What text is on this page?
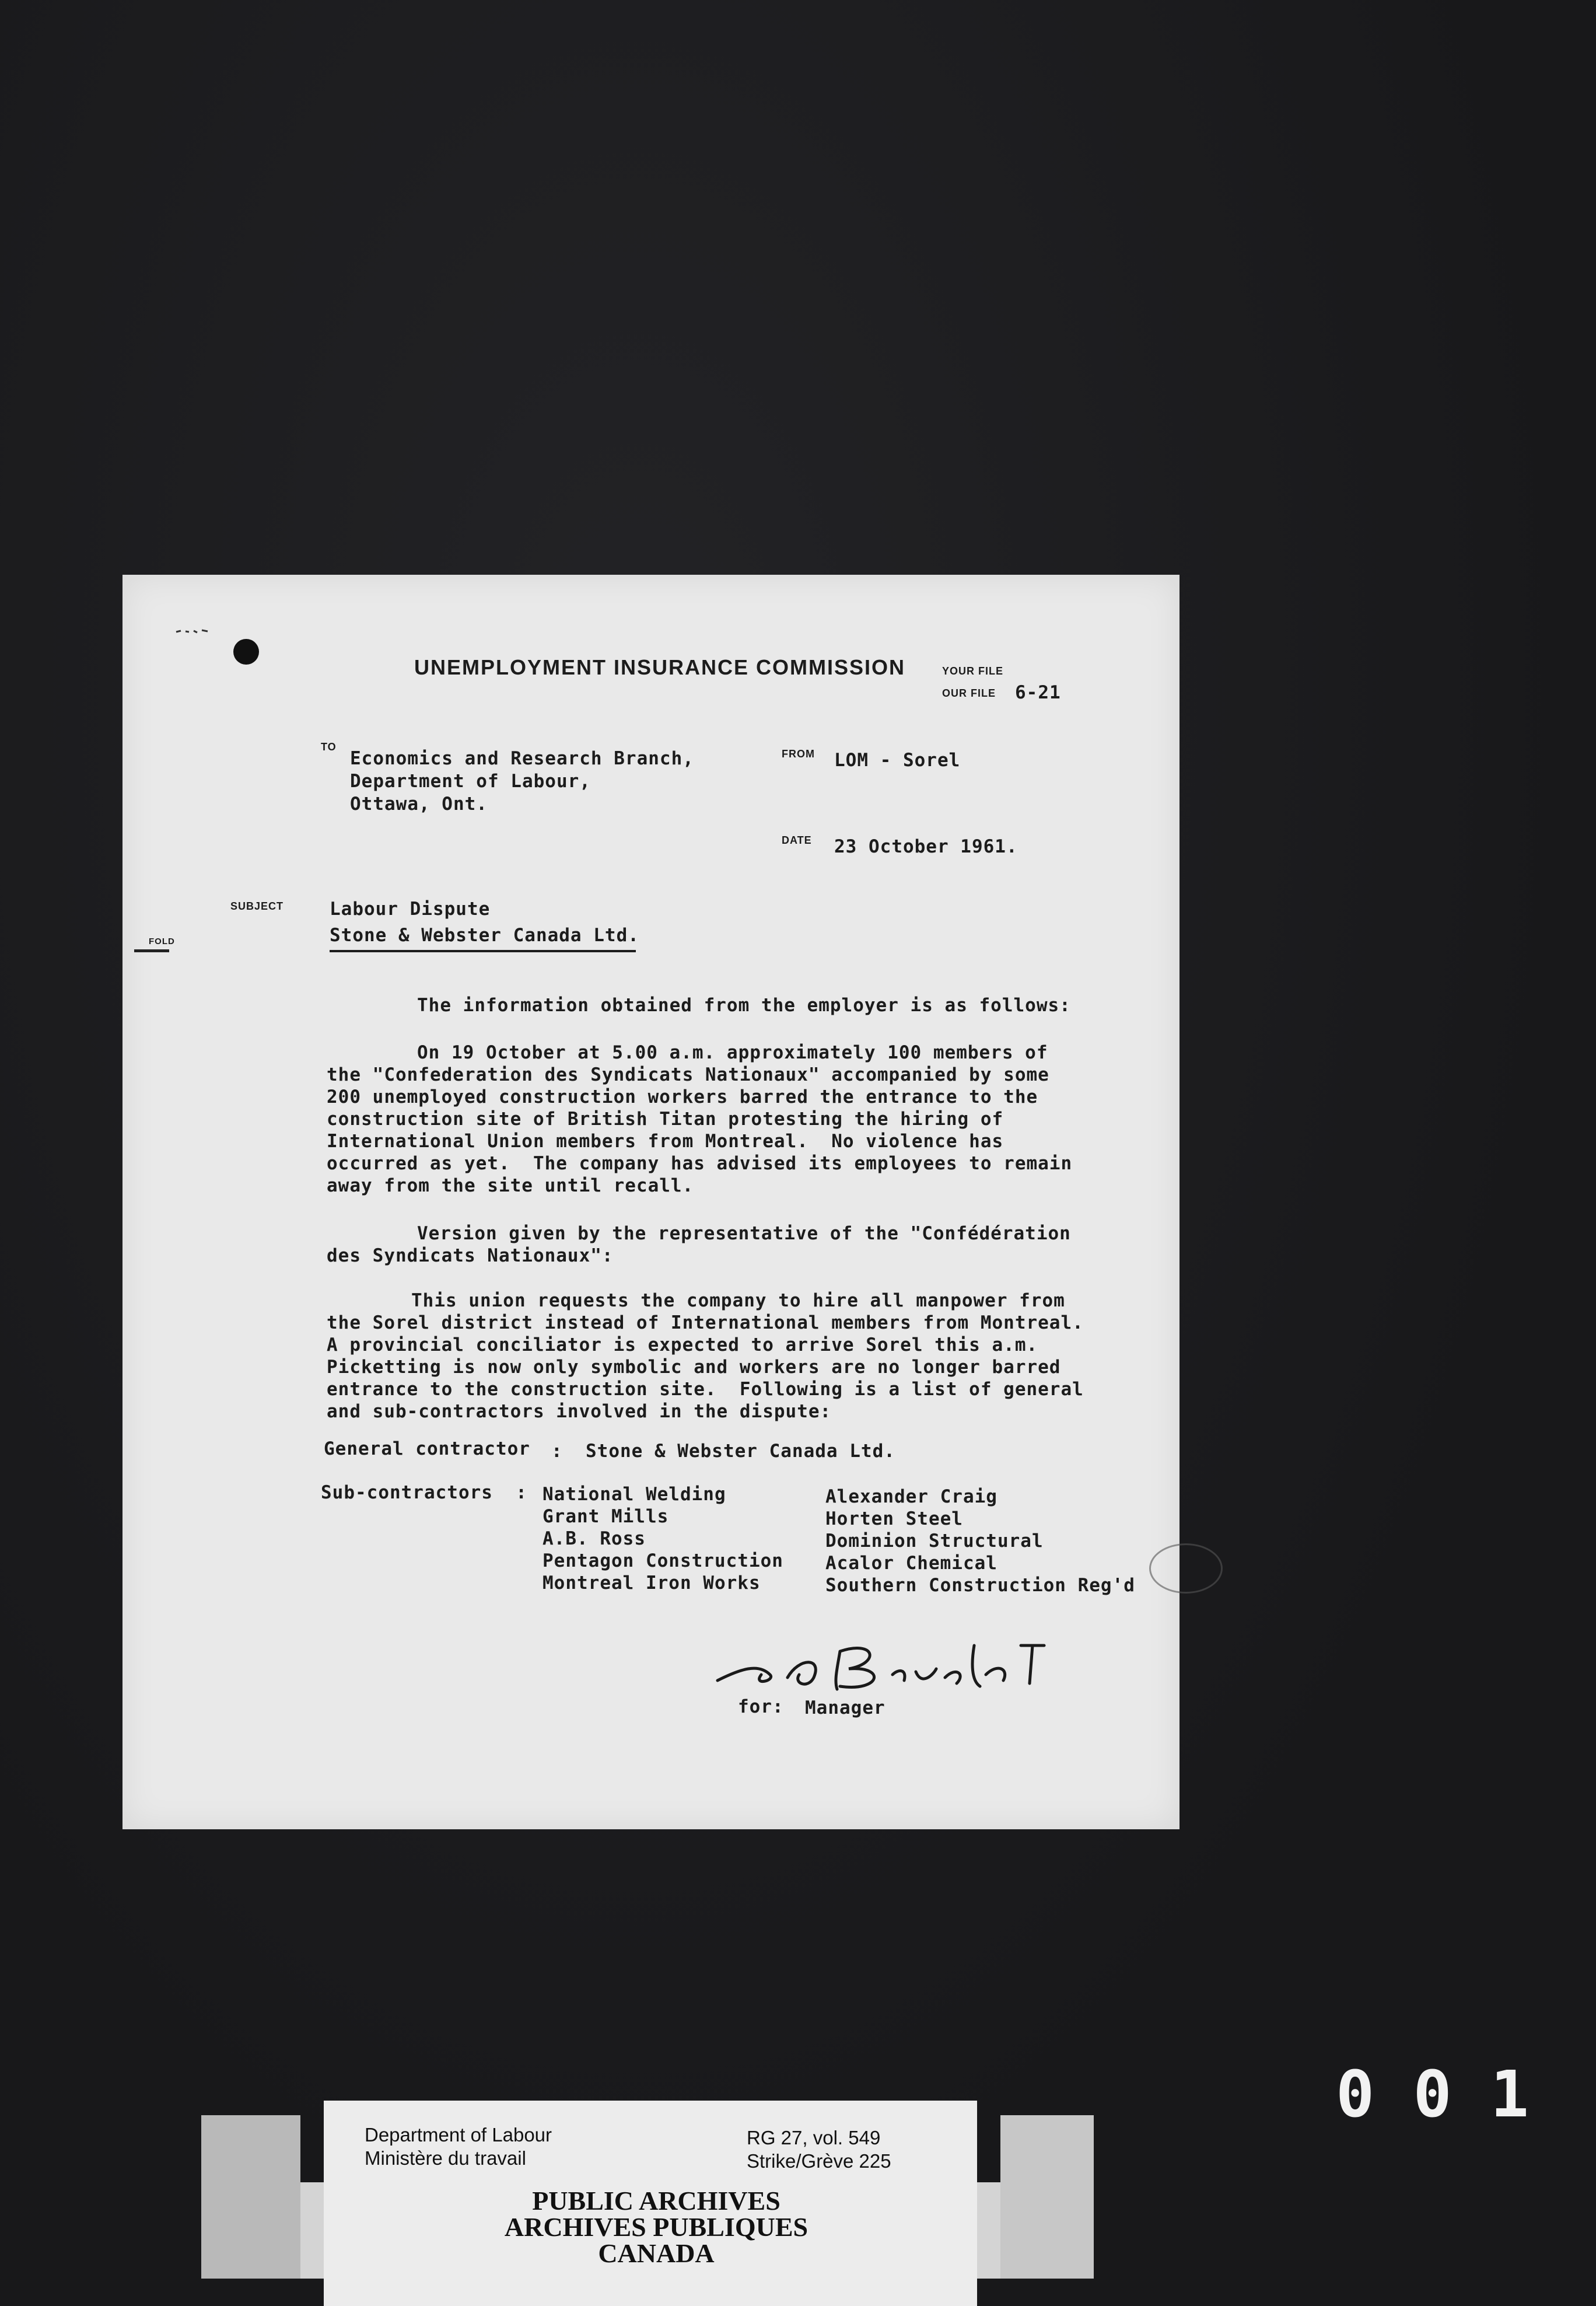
UNEMPLOYMENT INSURANCE COMMISSION	YOUR FILE
OUR FILE 6-21
TO
Economics and Research Branch,
Department of Labour,
Ottawa, Ont.
FROM LOM - Sorel
DATE 23 October 1961.
SUBJECT	Labour Dispute
Stone & Webster Canada Ltd.
FOLD
The information obtained from the employer is as follows:
On 19 October at 5.00 a.m. approximately 100 members of
the "Confederation des Syndicats Nationaux" accompanied by some
200 unemployed construction workers barred the entrance to the
construction site of British Titan protesting the hiring of
International Union members from Montreal.  No violence has
occurred as yet.  The company has advised its employees to remain
away from the site until recall.
Version given by the representative of the "Confédération
des Syndicats Nationaux":
This union requests the company to hire all manpower from
the Sorel district instead of International members from Montreal.
A provincial conciliator is expected to arrive Sorel this a.m.
Picketting is now only symbolic and workers are no longer barred
entrance to the construction site.  Following is a list of general
and sub-contractors involved in the dispute:
General contractor :  Stone & Webster Canada Ltd.
Sub-contractors  : National Welding
Grant Mills
A.B. Ross
Pentagon Construction
Montreal Iron Works
Alexander Craig
Horten Steel
Dominion Structural
Acalor Chemical
Southern Construction Reg'd
for: Manager
Department of Labour
Ministère du travail
RG 27, vol. 549
Strike/Grève 225
PUBLIC ARCHIVES
ARCHIVES PUBLIQUES
CANADA
0 0 1
